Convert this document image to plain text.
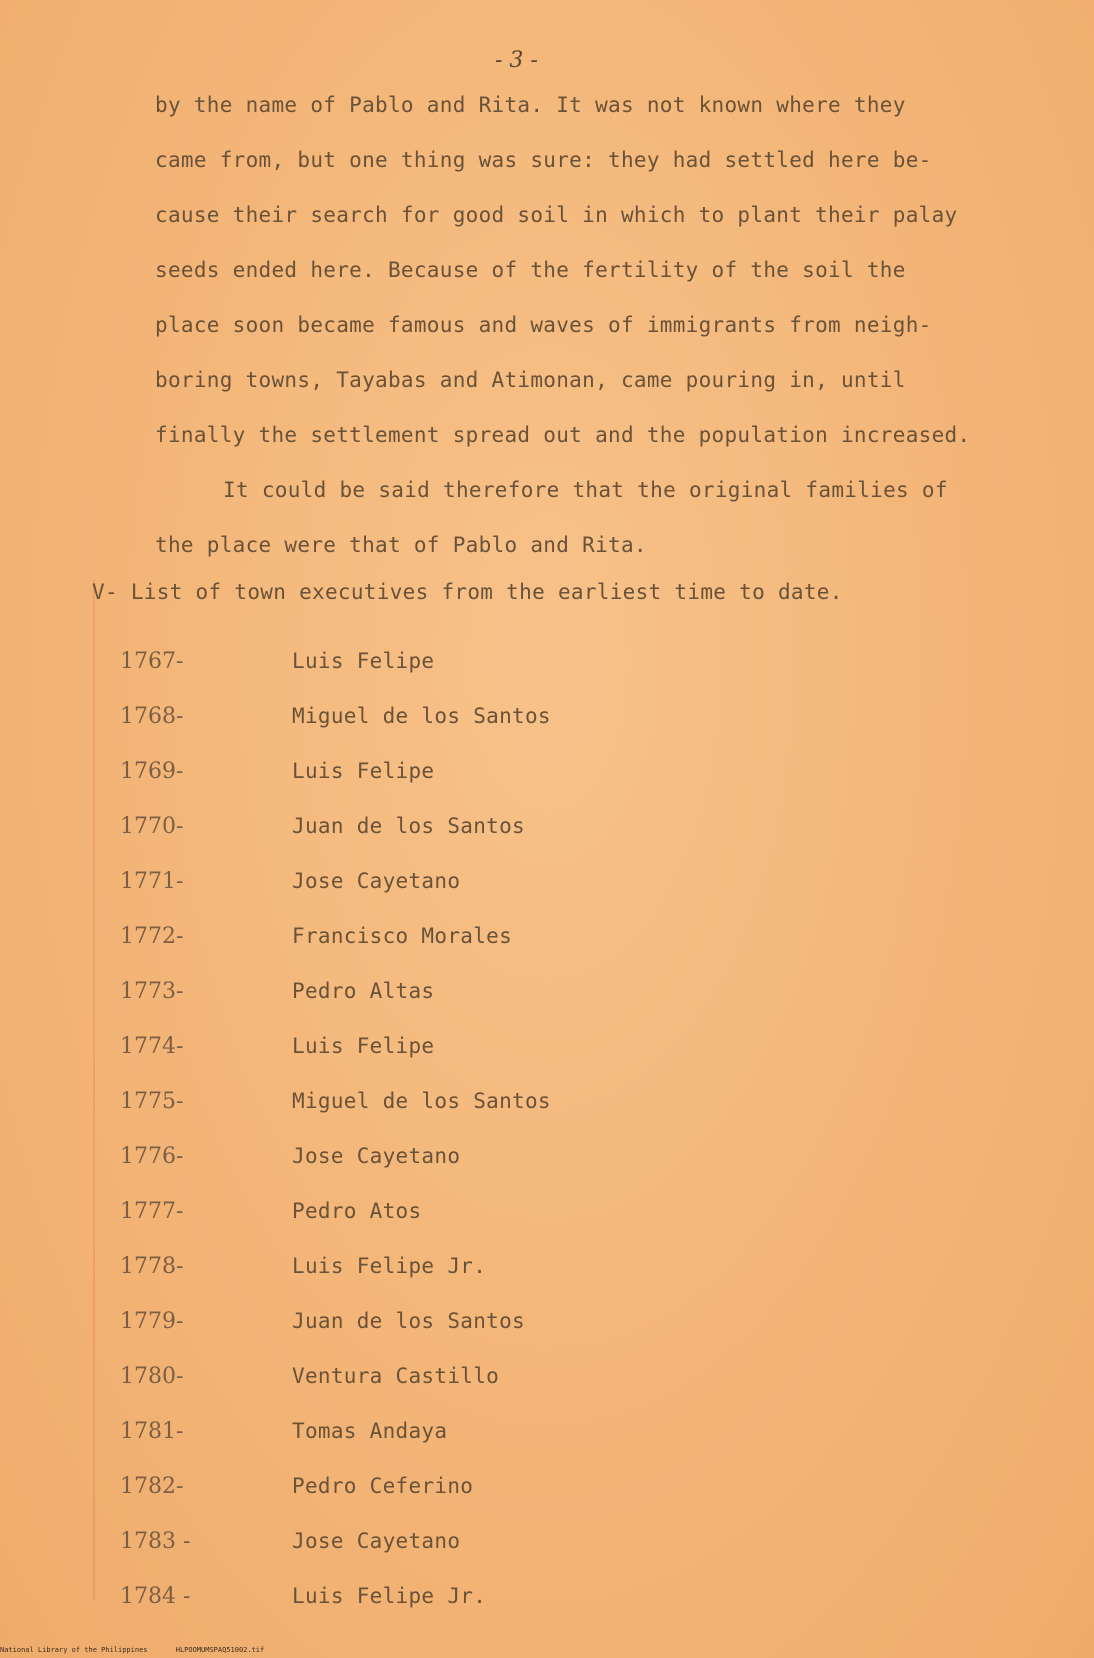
- 3 -
by the name of Pablo and Rita. It was not known where they
came from, but one thing was sure: they had settled here be-
cause their search for good soil in which to plant their palay
seeds ended here. Because of the fertility of the soil the
place soon became famous and waves of immigrants from neigh-
boring towns, Tayabas and Atimonan, came pouring in, until
finally the settlement spread out and the population increased.
It could be said therefore that the original families of
the place were that of Pablo and Rita.
V- List of town executives from the earliest time to date.
1767-	Luis Felipe
1768-	Miguel de los Santos
1769-	Luis Felipe
1770-	Juan de los Santos
1771-	Jose Cayetano
1772-	Francisco Morales
1773-	Pedro Altas
1774-	Luis Felipe
1775-	Miguel de los Santos
1776-	Jose Cayetano
1777-	Pedro Atos
1778-	Luis Felipe Jr.
1779-	Juan de los Santos
1780-	Ventura Castillo
1781-	Tomas Andaya
1782-	Pedro Ceferino
1783 -	Jose Cayetano
1784 -	Luis Felipe Jr.
National Library of the Philippines	HLPOOMUMSPAQ51002.tif
